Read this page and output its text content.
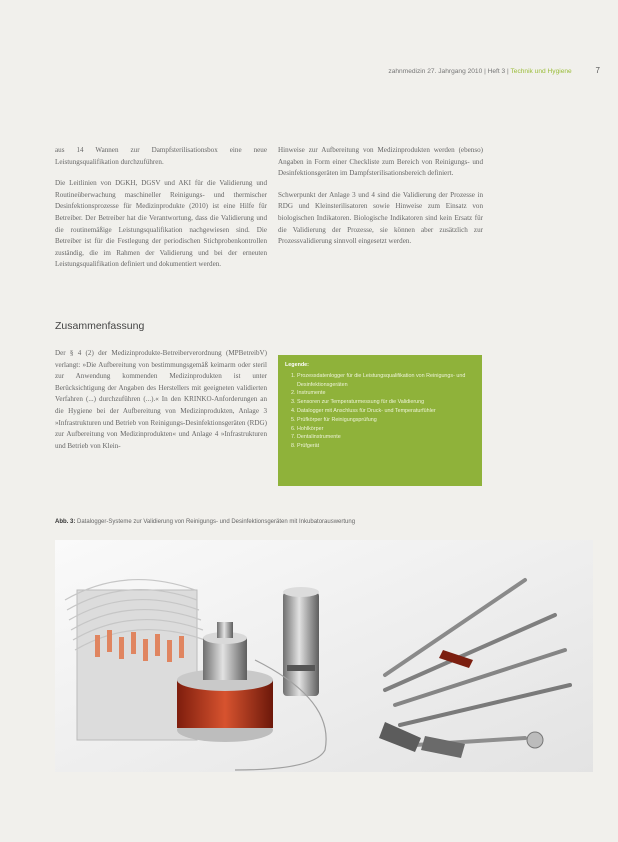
zahnmedizin 27. Jahrgang 2010 | Heft 3 | Technik und Hygiene	7

aus 14 Wannen zur Dampfsterilisationsbox eine neue Leistungsqualifikation durchzuführen.

Die Leitlinien von DGKH, DGSV und AKI für die Validierung und Routineüberwachung maschineller Reinigungs- und thermischer Desinfektionsprozesse für Medizinprodukte (2010) ist eine Hilfe für Betreiber. Der Betreiber hat die Verantwortung, dass die Validierung und die routinemäßige Leistungsqualifikation nachgewiesen sind. Die Betreiber ist für die Festlegung der periodischen Stichprobenkontrollen zuständig, die im Rahmen der Validierung und bei der erneuten Leistungsqualifikation definiert und dokumentiert werden.

Hinweise zur Aufbereitung von Medizinprodukten werden (ebenso) Angaben in Form einer Checkliste zum Bereich von Reinigungs- und Desinfektionsgeräten im Dampfsterilisationsbereich definiert.

Schwerpunkt der Anlage 3 und 4 sind die Validierung der Prozesse in RDG und Kleinsterilisatoren sowie Hinweise zum Einsatz von biologischen Indikatoren. Biologische Indikatoren sind kein Ersatz für die Validierung der Prozesse, sie können aber zusätzlich zur Prozessvalidierung sinnvoll eingesetzt werden.

Zusammenfassung

Der § 4 (2) der Medizinprodukte-Betreiberverordnung (MPBetreibV) verlangt: »Die Aufbereitung von bestimmungsgemäß keimarm oder steril zur Anwendung kommenden Medizinprodukten ist unter Berücksichtigung der Angaben des Herstellers mit geeigneten validierten Verfahren (...) durchzuführen (...).« In den KRINKO-Anforderungen an die Hygiene bei der Aufbereitung von Medizinprodukten, Anlage 3 »Infrastrukturen und Betrieb von Reinigungs-Desinfektionsgeräten (RDG) zur Aufbereitung von Medizinprodukten« und Anlage 4 »Infrastrukturen und Betrieb von Klein-

Legende:
1. Prozessdatenlogger für die Leistungsqualifikation von Reinigungs- und Desinfektionsgeräten
2. Instrumente
3. Sensoren zur Temperaturmessung für die Validierung
4. Datalogger mit Anschluss für Druck- und Temperaturfühler
5. Prüfkörper für Reinigungsprüfung
6. Hohlkörper
7. Dentalinstrumente
8. Prüfgerät
Abb. 3: Datalogger-Systeme zur Validierung von Reinigungs- und Desinfektionsgeräten mit Inkubatorauswertung
